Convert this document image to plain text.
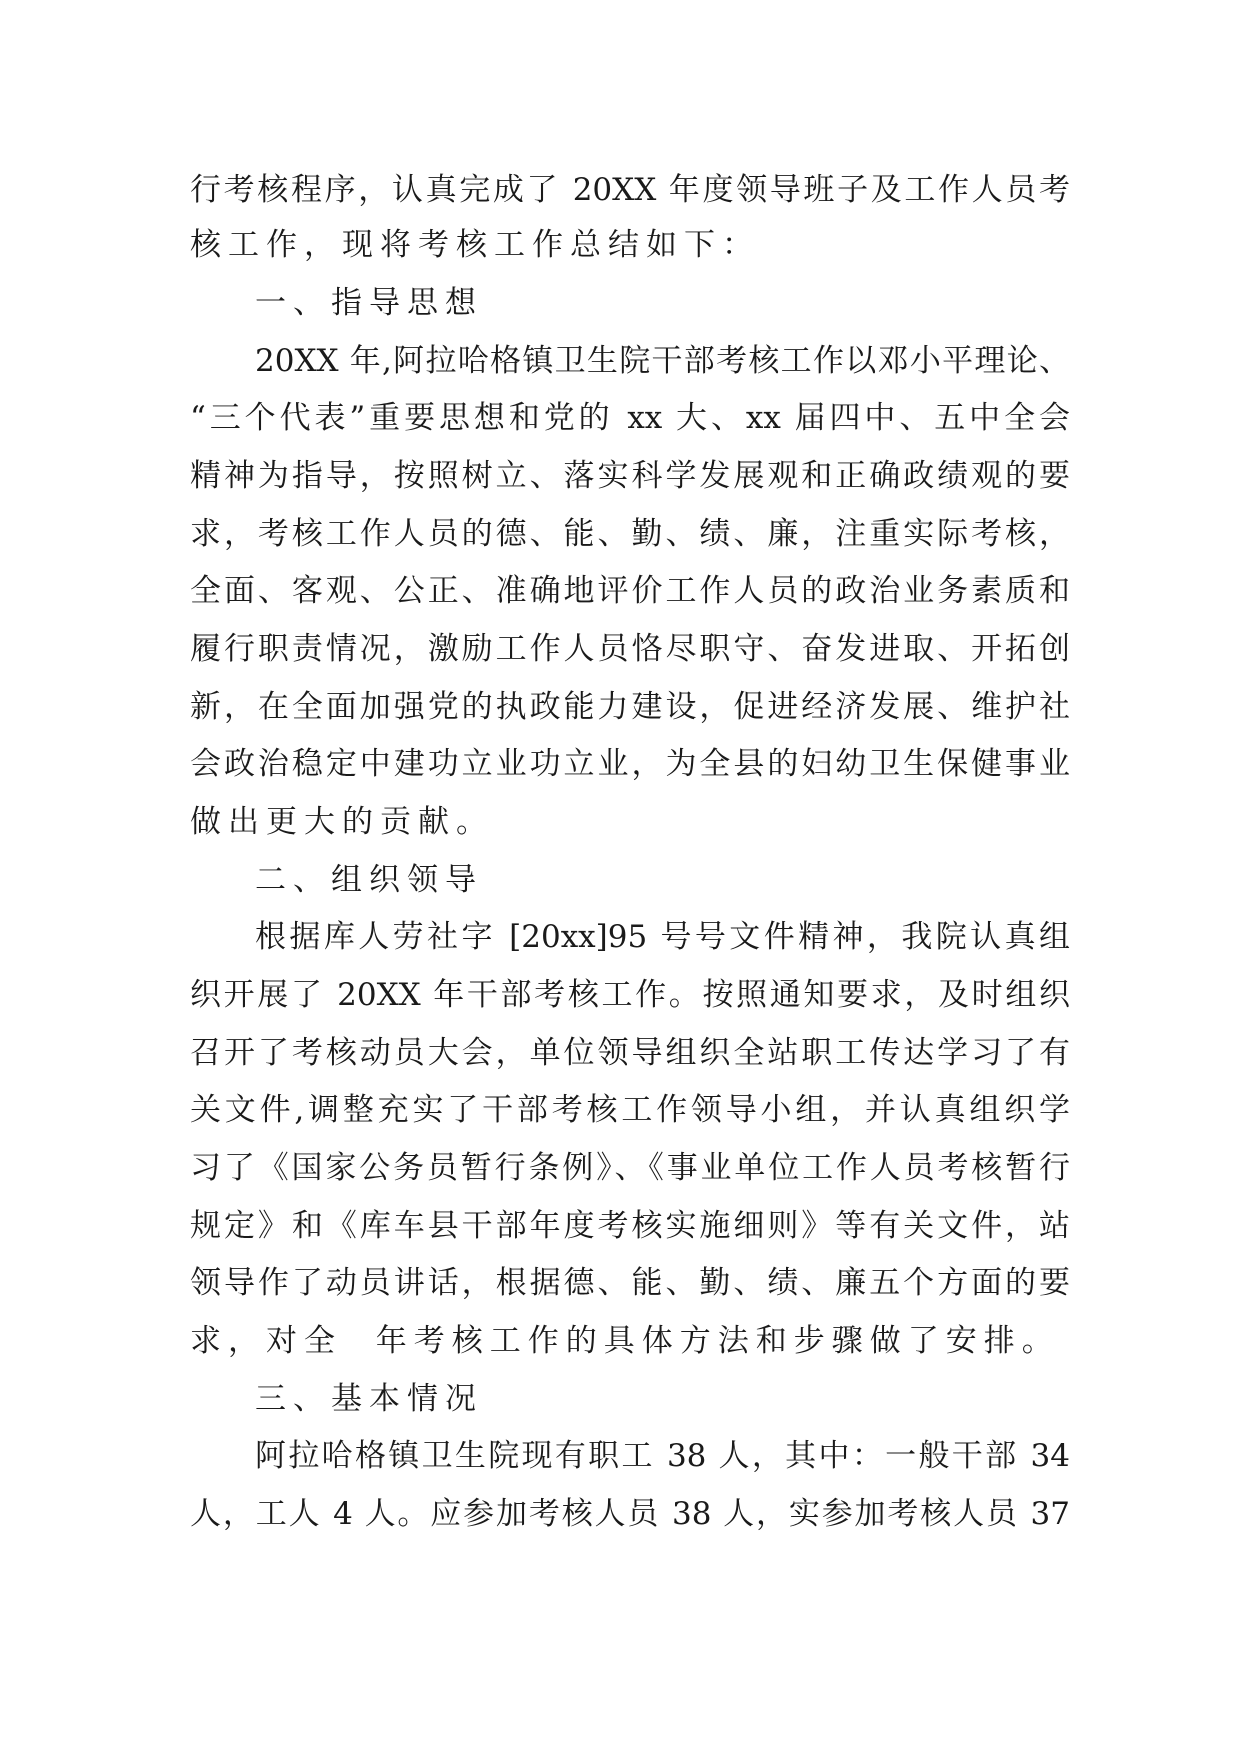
行考核程序，认真完成了 20XX 年度领导班子及工作人员考
核工作，现将考核工作总结如下：
一、指导思想
20XX 年,阿拉哈格镇卫生院干部考核工作以邓小平理论、
“三个代表”重要思想和党的 xx 大、xx 届四中、五中全会
精神为指导，按照树立、落实科学发展观和正确政绩观的要
求，考核工作人员的德、能、勤、绩、廉，注重实际考核，
全面、客观、公正、准确地评价工作人员的政治业务素质和
履行职责情况，激励工作人员恪尽职守、奋发进取、开拓创
新，在全面加强党的执政能力建设，促进经济发展、维护社
会政治稳定中建功立业功立业，为全县的妇幼卫生保健事业
做出更大的贡献。
二、组织领导
根据库人劳社字 [20xx]95 号号文件精神，我院认真组
织开展了 20XX 年干部考核工作。按照通知要求，及时组织
召开了考核动员大会，单位领导组织全站职工传达学习了有
关文件,调整充实了干部考核工作领导小组，并认真组织学
习了《国家公务员暂行条例》、《事业单位工作人员考核暂行
规定》和《库车县干部年度考核实施细则》等有关文件，站
领导作了动员讲话，根据德、能、勤、绩、廉五个方面的要
求，对全  年考核工作的具体方法和步骤做了安排。
三、基本情况
阿拉哈格镇卫生院现有职工 38 人，其中：一般干部 34
人，工人 4 人。应参加考核人员 38 人，实参加考核人员 37
